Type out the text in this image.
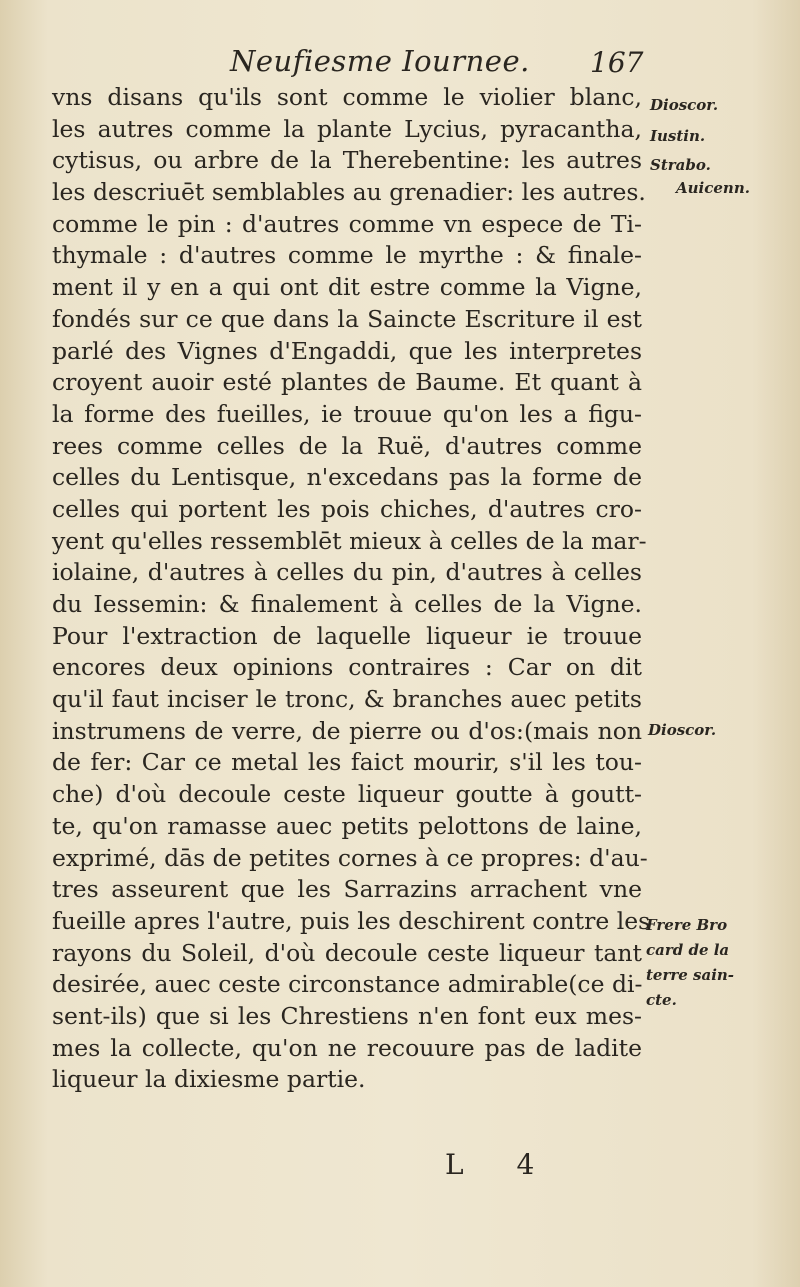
Neufiesme Iournee. 167
vns disans qu'ils sont comme le violier blanc,
les autres comme la plante Lycius, pyracantha,
cytisus, ou arbre de la Therebentine: les autres
les descriuēt semblables au grenadier: les autres.
comme le pin : d'autres comme vn espece de Ti-
thymale : d'autres comme le myrthe : & finale-
ment il y en a qui ont dit estre comme la Vigne,
fondés sur ce que dans la Saincte Escriture il est
parlé des Vignes d'Engaddi, que les interpretes
croyent auoir esté plantes de Baume. Et quant à
la forme des fueilles, ie trouue qu'on les a figu-
rees comme celles de la Ruë, d'autres comme
celles du Lentisque, n'excedans pas la forme de
celles qui portent les pois chiches, d'autres cro-
yent qu'elles ressemblēt mieux à celles de la mar-
iolaine, d'autres à celles du pin, d'autres à celles
du Iessemin: & finalement à celles de la Vigne.
Pour l'extraction de laquelle liqueur ie trouue
encores deux opinions contraires : Car on dit
qu'il faut inciser le tronc, & branches auec petits
instrumens de verre, de pierre ou d'os:(mais non
de fer: Car ce metal les faict mourir, s'il les tou-
che) d'où decoule ceste liqueur goutte à goutt-
te, qu'on ramasse auec petits pelottons de laine,
exprimé, dās de petites cornes à ce propres: d'au-
tres asseurent que les Sarrazins arrachent vne
fueille apres l'autre, puis les deschirent contre les
rayons du Soleil, d'où decoule ceste liqueur tant
desirée, auec ceste circonstance admirable(ce di-
sent-ils) que si les Chrestiens n'en font eux mes-
mes la collecte, qu'on ne recouure pas de ladite
liqueur la dixiesme partie.
Dioscor.
Iustin.
Strabo.
Auicenn.
Dioscor.
Frere Bro
card de la
terre sain-
cte.
L 4
